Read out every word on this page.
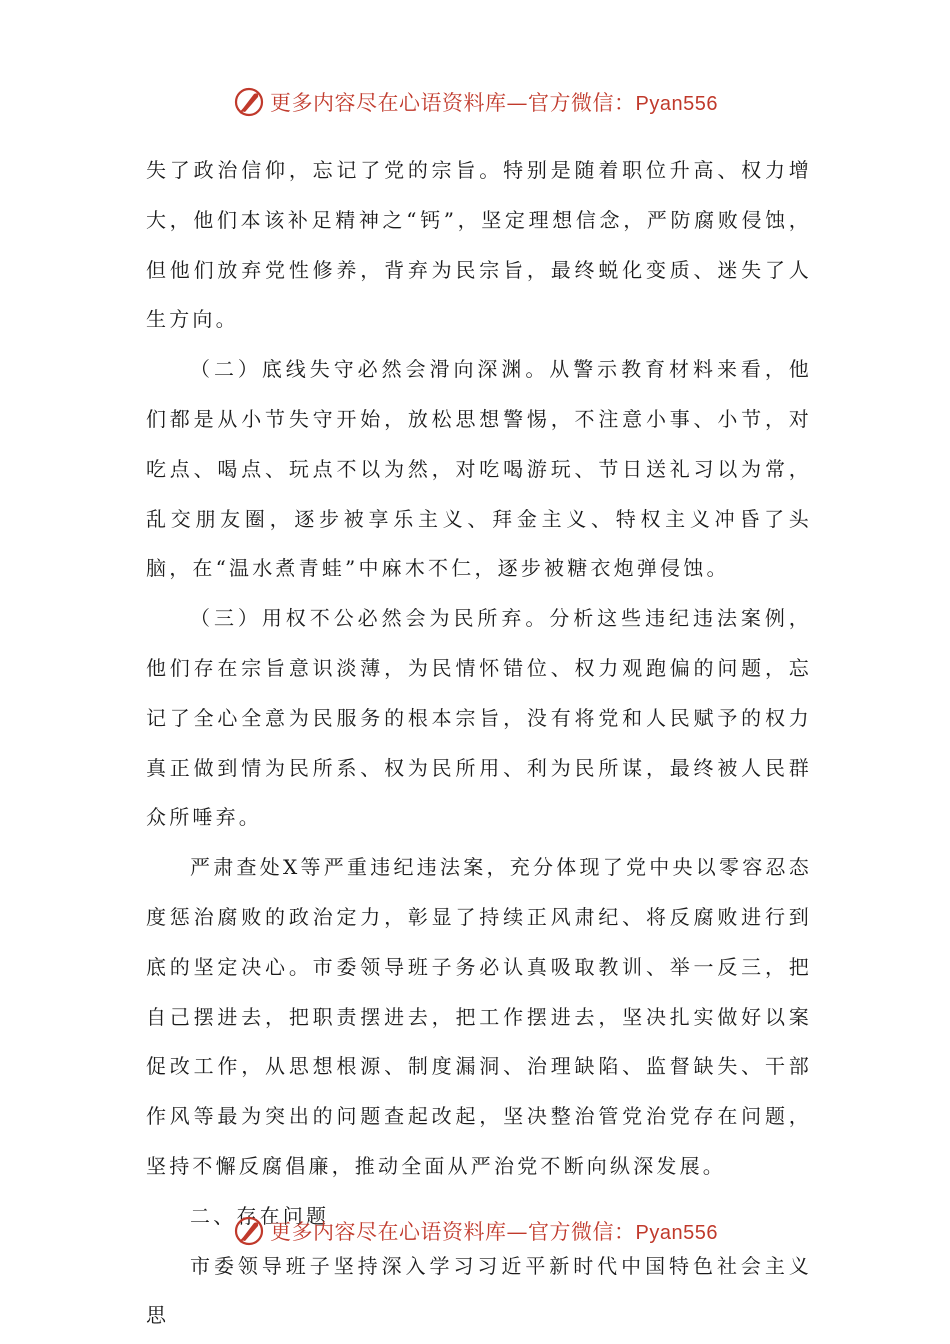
更多内容尽在心语资料库—官方微信：Pyan556

失了政治信仰，忘记了党的宗旨。特别是随着职位升高、权力增大，他们本该补足精神之“钙”，坚定理想信念，严防腐败侵蚀，但他们放弃党性修养，背弃为民宗旨，最终蜕化变质、迷失了人生方向。

（二）底线失守必然会滑向深渊。从警示教育材料来看，他们都是从小节失守开始，放松思想警惕，不注意小事、小节，对吃点、喝点、玩点不以为然，对吃喝游玩、节日送礼习以为常，乱交朋友圈，逐步被享乐主义、拜金主义、特权主义冲昏了头脑，在“温水煮青蛙”中麻木不仁，逐步被糖衣炮弹侵蚀。

（三）用权不公必然会为民所弃。分析这些违纪违法案例，他们存在宗旨意识淡薄，为民情怀错位、权力观跑偏的问题，忘记了全心全意为民服务的根本宗旨，没有将党和人民赋予的权力真正做到情为民所系、权为民所用、利为民所谋，最终被人民群众所唾弃。

严肃查处X等严重违纪违法案，充分体现了党中央以零容忍态度惩治腐败的政治定力，彰显了持续正风肃纪、将反腐败进行到底的坚定决心。市委领导班子务必认真吸取教训、举一反三，把自己摆进去，把职责摆进去，把工作摆进去，坚决扎实做好以案促改工作，从思想根源、制度漏洞、治理缺陷、监督缺失、干部作风等最为突出的问题查起改起，坚决整治管党治党存在问题，坚持不懈反腐倡廉，推动全面从严治党不断向纵深发展。

二、存在问题

市委领导班子坚持深入学习习近平新时代中国特色社会主义思

更多内容尽在心语资料库—官方微信：Pyan556
